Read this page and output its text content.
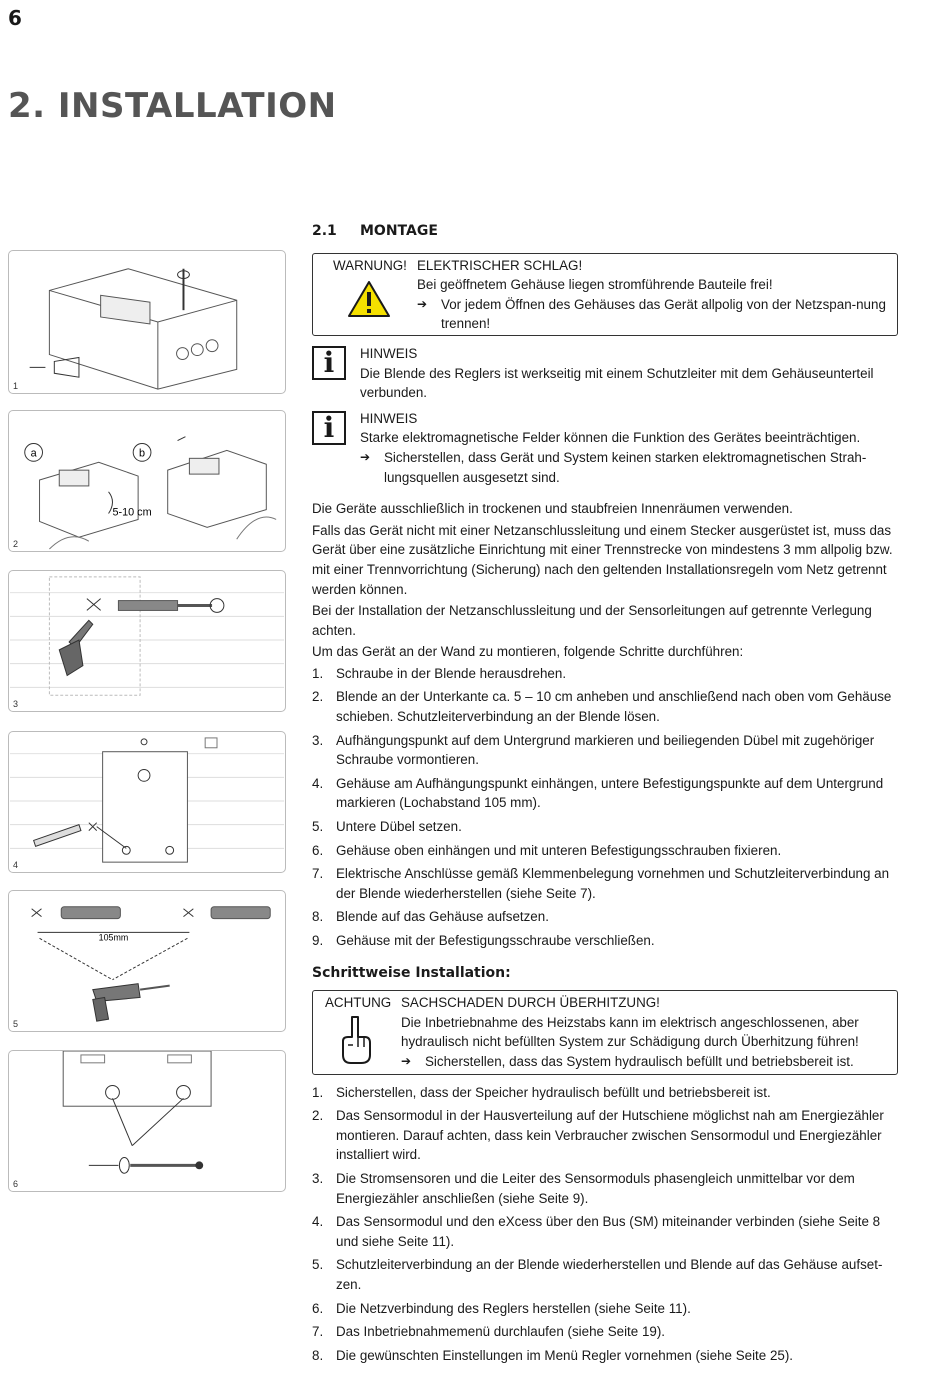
6
2. INSTALLATION
1
a	b
5-10 cm
2
3
4
105mm
5
6
2.1 MONTAGE
WARNUNG! ELEKTRISCHER SCHLAG!
Bei geöffnetem Gehäuse liegen stromführende Bauteile frei!
➔	Vor jedem Öffnen des Gehäuses das Gerät allpolig von der Netzspan-nung trennen!
i	HINWEIS
Die Blende des Reglers ist werkseitig mit einem Schutzleiter mit dem Gehäuseunterteil verbunden.
i	HINWEIS
Starke elektromagnetische Felder können die Funktion des Gerätes beeinträchtigen.
➔	Sicherstellen, dass Gerät und System keinen starken elektromagnetischen Strah-lungsquellen ausgesetzt sind.

Die Geräte ausschließlich in trockenen und staubfreien Innenräumen verwenden.

Falls das Gerät nicht mit einer Netzanschlussleitung und einem Stecker ausgerüstet ist, muss das Gerät über eine zusätzliche Einrichtung mit einer Trennstrecke von mindestens 3 mm allpolig bzw. mit einer Trennvorrichtung (Sicherung) nach den geltenden Installationsregeln vom Netz getrennt werden können.

Bei der Installation der Netzanschlussleitung und der Sensorleitungen auf getrennte Verlegung achten.

Um das Gerät an der Wand zu montieren, folgende Schritte durchführen:

1. Schraube in der Blende herausdrehen.
2. Blende an der Unterkante ca. 5 – 10 cm anheben und anschließend nach oben vom Gehäuse schieben. Schutzleiterverbindung an der Blende lösen.
3. Aufhängungspunkt auf dem Untergrund markieren und beiliegenden Dübel mit zugehöriger Schraube vormontieren.
4. Gehäuse am Aufhängungspunkt einhängen, untere Befestigungspunkte auf dem Untergrund markieren (Lochabstand 105 mm).
5. Untere Dübel setzen.
6. Gehäuse oben einhängen und mit unteren Befestigungsschrauben fixieren.
7. Elektrische Anschlüsse gemäß Klemmenbelegung vornehmen und Schutzleiterverbindung an der Blende wiederherstellen (siehe Seite 7).
8. Blende auf das Gehäuse aufsetzen.
9. Gehäuse mit der Befestigungsschraube verschließen.
Schrittweise Installation:
ACHTUNG SACHSCHADEN DURCH ÜBERHITZUNG!
Die Inbetriebnahme des Heizstabs kann im elektrisch angeschlossenen, aber hydraulisch nicht befüllten System zur Schädigung durch Überhitzung führen!
➔	Sicherstellen, dass das System hydraulisch befüllt und betriebsbereit ist.
1. Sicherstellen, dass der Speicher hydraulisch befüllt und betriebsbereit ist.
2. Das Sensormodul in der Hausverteilung auf der Hutschiene möglichst nah am Energiezähler montieren. Darauf achten, dass kein Verbraucher zwischen Sensormodul und Energiezähler installiert wird.
3. Die Stromsensoren und die Leiter des Sensormoduls phasengleich unmittelbar vor dem Energiezähler anschließen (siehe Seite 9).
4. Das Sensormodul und den eXcess über den Bus (SM) miteinander verbinden (siehe Seite 8 und siehe Seite 11).
5. Schutzleiterverbindung an der Blende wiederherstellen und Blende auf das Gehäuse aufset-zen.
6. Die Netzverbindung des Reglers herstellen (siehe Seite 11).
7. Das Inbetriebnahmemenü durchlaufen (siehe Seite 19).
8. Die gewünschten Einstellungen im Menü Regler vornehmen (siehe Seite 25).
